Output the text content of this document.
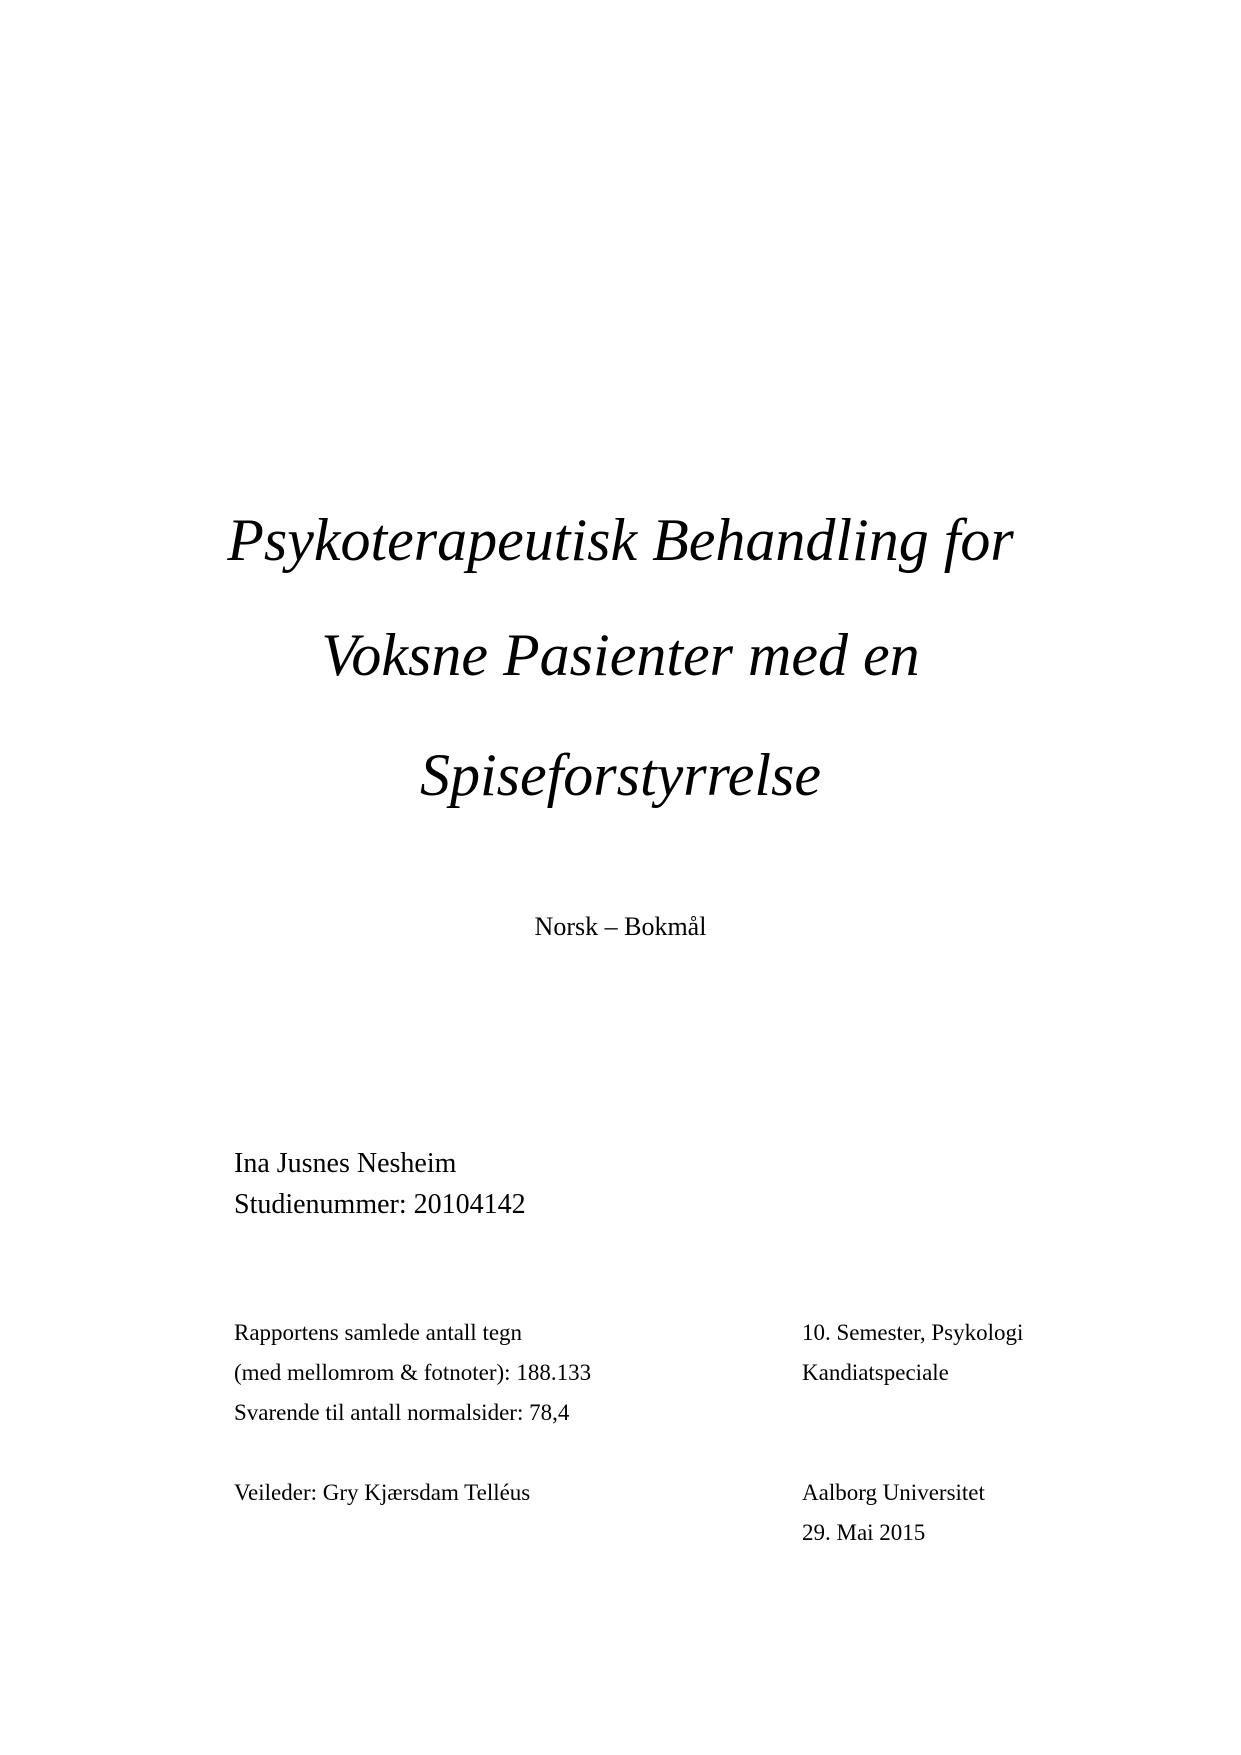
Psykoterapeutisk Behandling for
Voksne Pasienter med en
Spiseforstyrrelse
Norsk – Bokmål
Ina Jusnes Nesheim
Studienummer: 20104142
Rapportens samlede antall tegn
(med mellomrom & fotnoter): 188.133
Svarende til antall normalsider: 78,4
10. Semester, Psykologi
Kandiatspeciale
Veileder: Gry Kjærsdam Telléus	Aalborg Universitet
29. Mai 2015
